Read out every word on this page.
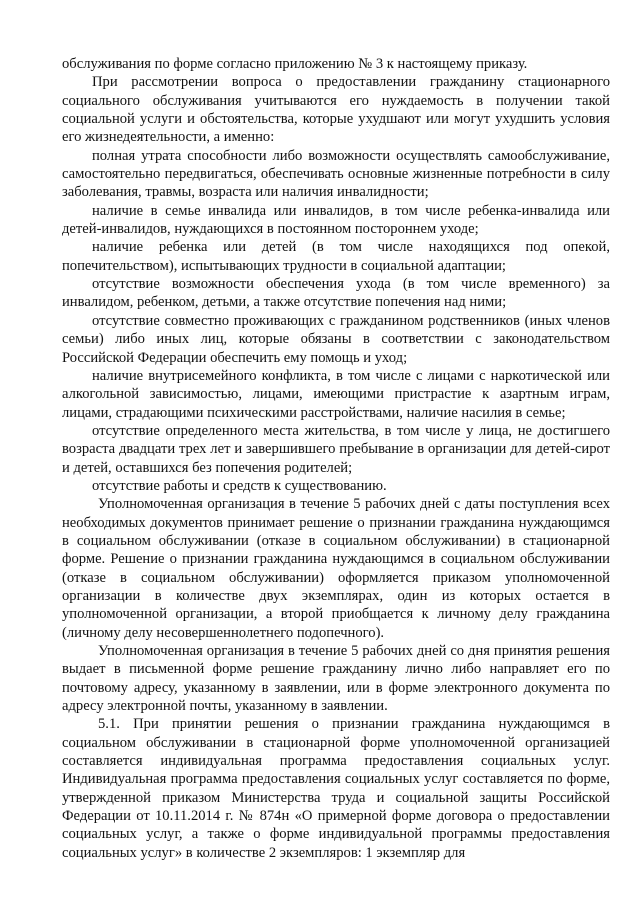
обслуживания по форме согласно приложению № 3 к настоящему приказу.

При рассмотрении вопроса о предоставлении гражданину стационарного социального обслуживания учитываются его нуждаемость в получении такой социальной услуги и обстоятельства, которые ухудшают или могут ухудшить условия его жизнедеятельности, а именно:

полная утрата способности либо возможности осуществлять самообслуживание, самостоятельно передвигаться, обеспечивать основные жизненные потребности в силу заболевания, травмы, возраста или наличия инвалидности;

наличие в семье инвалида или инвалидов, в том числе ребенка-инвалида или детей-инвалидов, нуждающихся в постоянном постороннем уходе;

наличие ребенка или детей (в том числе находящихся под опекой, попечительством), испытывающих трудности в социальной адаптации;

отсутствие возможности обеспечения ухода (в том числе временного) за инвалидом, ребенком, детьми, а также отсутствие попечения над ними;

отсутствие совместно проживающих с гражданином родственников (иных членов семьи) либо иных лиц, которые обязаны в соответствии с законодательством Российской Федерации обеспечить ему помощь и уход;

наличие внутрисемейного конфликта, в том числе с лицами с наркотической или алкогольной зависимостью, лицами, имеющими пристрастие к азартным играм, лицами, страдающими психическими расстройствами, наличие насилия в семье;

отсутствие определенного места жительства, в том числе у лица, не достигшего возраста двадцати трех лет и завершившего пребывание в организации для детей-сирот и детей, оставшихся без попечения родителей;

отсутствие работы и средств к существованию.

Уполномоченная организация в течение 5 рабочих дней с даты поступления всех необходимых документов принимает решение о признании гражданина нуждающимся в социальном обслуживании (отказе в социальном обслуживании) в стационарной форме. Решение о признании гражданина нуждающимся в социальном обслуживании (отказе в социальном обслуживании) оформляется приказом уполномоченной организации в количестве двух экземплярах, один из которых остается в уполномоченной организации, а второй приобщается к личному делу гражданина (личному делу несовершеннолетнего подопечного).

Уполномоченная организация в течение 5 рабочих дней со дня принятия решения выдает в письменной форме решение гражданину лично либо направляет его по почтовому адресу, указанному в заявлении, или в форме электронного документа по адресу электронной почты, указанному в заявлении.

5.1. При принятии решения о признании гражданина нуждающимся в социальном обслуживании в стационарной форме уполномоченной организацией составляется индивидуальная программа предоставления социальных услуг. Индивидуальная программа предоставления социальных услуг составляется по форме, утвержденной приказом Министерства труда и социальной защиты Российской Федерации от 10.11.2014 г. № 874н «О примерной форме договора о предоставлении социальных услуг, а также о форме индивидуальной программы предоставления социальных услуг» в количестве 2 экземпляров: 1 экземпляр для
